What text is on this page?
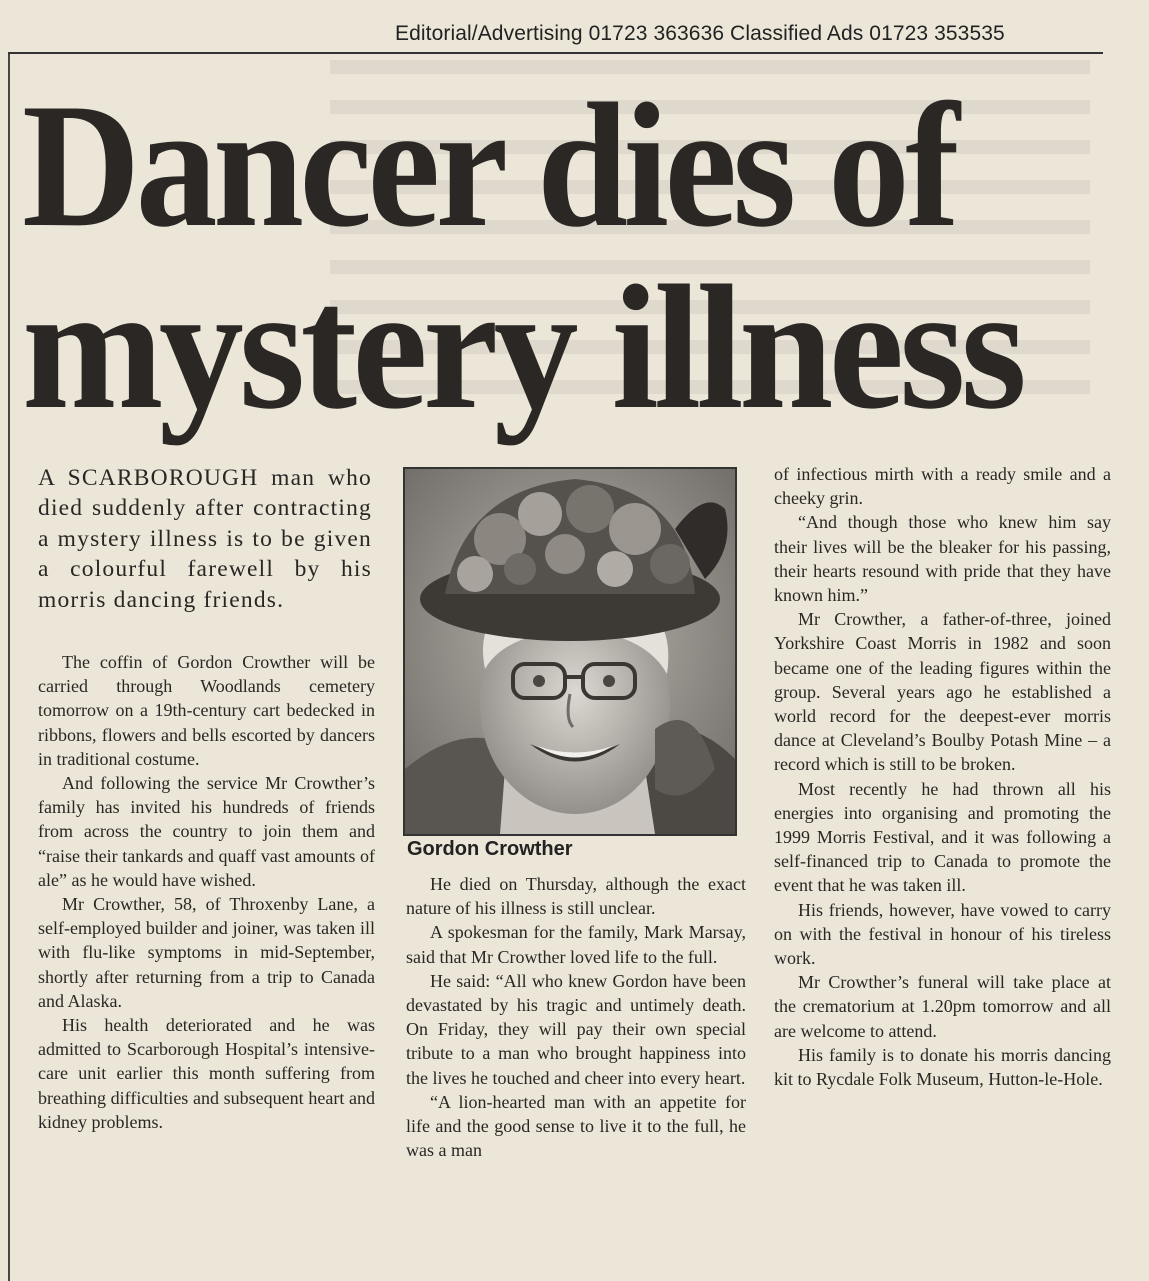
Editorial/Advertising 01723 363636 Classified Ads 01723 353535
Dancer dies of
mystery illness
A SCARBOROUGH man who died suddenly after contracting a mystery illness is to be given a colourful farewell by his morris dancing friends.

The coffin of Gordon Crowther will be carried through Woodlands cemetery tomorrow on a 19th-century cart bedecked in ribbons, flowers and bells escorted by dancers in traditional costume.

And following the service Mr Crowther’s family has invited his hundreds of friends from across the country to join them and “raise their tankards and quaff vast amounts of ale” as he would have wished.

Mr Crowther, 58, of Throxenby Lane, a self-employed builder and joiner, was taken ill with flu-like symptoms in mid-September, shortly after returning from a trip to Canada and Alaska.

His health deteriorated and he was admitted to Scarborough Hospital’s intensive-care unit earlier this month suffering from breathing difficulties and subsequent heart and kidney problems.

Gordon Crowther

He died on Thursday, although the exact nature of his illness is still unclear.

A spokesman for the family, Mark Marsay, said that Mr Crowther loved life to the full.

He said: “All who knew Gordon have been devastated by his tragic and untimely death. On Friday, they will pay their own special tribute to a man who brought happiness into the lives he touched and cheer into every heart.

“A lion-hearted man with an appetite for life and the good sense to live it to the full, he was a man

of infectious mirth with a ready smile and a cheeky grin.

“And though those who knew him say their lives will be the bleaker for his passing, their hearts resound with pride that they have known him.”

Mr Crowther, a father-of-three, joined Yorkshire Coast Morris in 1982 and soon became one of the leading figures within the group. Several years ago he established a world record for the deepest-ever morris dance at Cleveland’s Boulby Potash Mine – a record which is still to be broken.

Most recently he had thrown all his energies into organising and promoting the 1999 Morris Festival, and it was following a self-financed trip to Canada to promote the event that he was taken ill.

His friends, however, have vowed to carry on with the festival in honour of his tireless work.

Mr Crowther’s funeral will take place at the crematorium at 1.20pm tomorrow and all are welcome to attend.

His family is to donate his morris dancing kit to Rycdale Folk Museum, Hutton-le-Hole.
